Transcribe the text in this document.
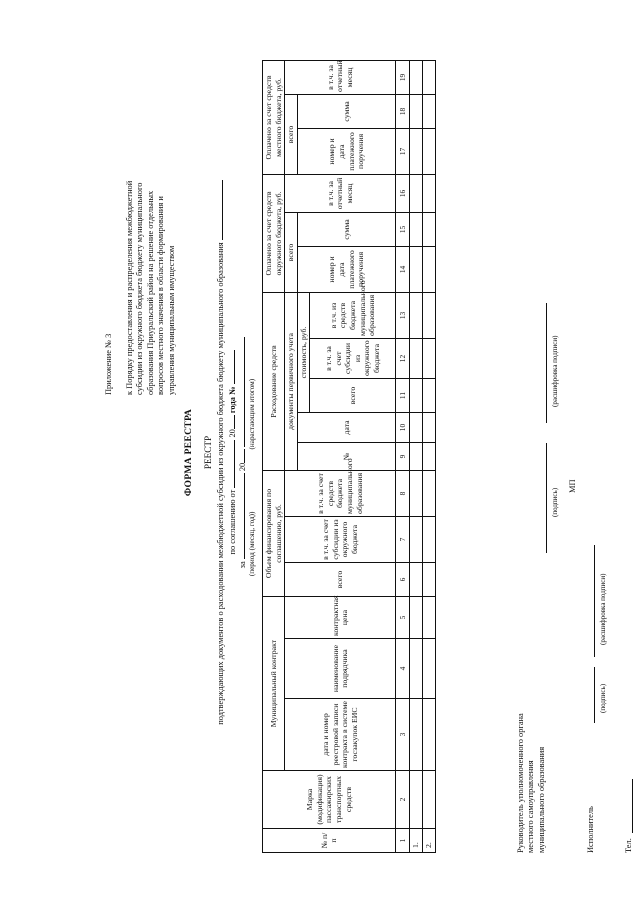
Приложение № 3 к Порядку предоставления и распределения межбюджетной субсидии из окружного бюджета бюджету муниципального образования Приуральский район на решение отдельных вопросов местного значения в области формирования и управления муниципальным имуществом
ФОРМА РЕЕСТРА РЕЕСТР подтверждающих документов о расходовании межбюджетной субсидии из окружного бюджета бюджету муниципального образования по соглашению от  20 года №
за  20
(период (месяц, год)) (нарастающим итогом)
№ п/п	Марка (модификация) пассажирских транспортных средств	Муниципальный контракт			Объем финансирования по соглашению, руб.			Расходование средств					Оплачено за счет средств окружного бюджета, руб.			Оплачено за счет средств местного бюджета, руб.		
		дата и номер реестровой записи контракта в системе госзакупок ЕИС	наименование подрядчика	контрактная цена	всего	в т.ч. за счет субсидии из окружного бюджета	в т.ч. за счет средств бюджета муниципального образования	документы первичного учета					всего		в т.ч. за отчетный месяц	всего		в т.ч. за отчетный месяц
								№	дата	стоимость, руб.			номер и дата платежного поручения	сумма		номер и дата платежного поручения	сумма	
										всего	в т.ч. за счет субсидии из окружного бюджета	в т.ч. из средств бюджета муниципального образования						
1	2	3	4	5	6	7	8	9	10	11	12	13	14	15	16	17	18	19
1.																		
2.																			Руководитель уполномоченного органа местного самоуправления муниципального образования
(подпись)
(расшифровка подписи)
МП
Исполнитель
(подпись)
(расшифровка подписи)
Тел.
